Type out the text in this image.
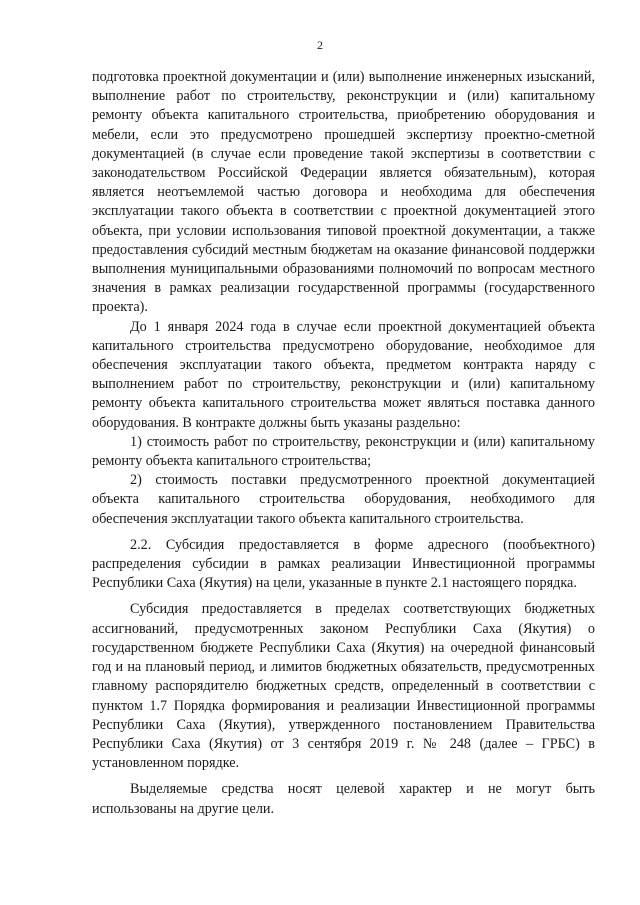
2

подготовка проектной документации и (или) выполнение инженерных изысканий, выполнение работ по строительству, реконструкции и (или) капитальному ремонту объекта капитального строительства, приобретению оборудования и мебели, если это предусмотрено прошедшей экспертизу проектно-сметной документацией (в случае если проведение такой экспертизы в соответствии с законодательством Российской Федерации является обязательным), которая является неотъемлемой частью договора и необходима для обеспечения эксплуатации такого объекта в соответствии с проектной документацией этого объекта, при условии использования типовой проектной документации, а также предоставления субсидий местным бюджетам на оказание финансовой поддержки выполнения муниципальными образованиями полномочий по вопросам местного значения в рамках реализации государственной программы (государственного проекта).

До 1 января 2024 года в случае если проектной документацией объекта капитального строительства предусмотрено оборудование, необходимое для обеспечения эксплуатации такого объекта, предметом контракта наряду с выполнением работ по строительству, реконструкции и (или) капитальному ремонту объекта капитального строительства может являться поставка данного оборудования. В контракте должны быть указаны раздельно:

1) стоимость работ по строительству, реконструкции и (или) капитальному ремонту объекта капитального строительства;

2) стоимость поставки предусмотренного проектной документацией объекта капитального строительства оборудования, необходимого для обеспечения эксплуатации такого объекта капитального строительства.

2.2. Субсидия предоставляется в форме адресного (пообъектного) распределения субсидии в рамках реализации Инвестиционной программы Республики Саха (Якутия) на цели, указанные в пункте 2.1 настоящего порядка.

Субсидия предоставляется в пределах соответствующих бюджетных ассигнований, предусмотренных законом Республики Саха (Якутия) о государственном бюджете Республики Саха (Якутия) на очередной финансовый год и на плановый период, и лимитов бюджетных обязательств, предусмотренных главному распорядителю бюджетных средств, определенный в соответствии с пунктом 1.7 Порядка формирования и реализации Инвестиционной программы Республики Саха (Якутия), утвержденного постановлением Правительства Республики Саха (Якутия) от 3 сентября 2019 г. № 248 (далее – ГРБС) в установленном порядке.

Выделяемые средства носят целевой характер и не могут быть использованы на другие цели.
